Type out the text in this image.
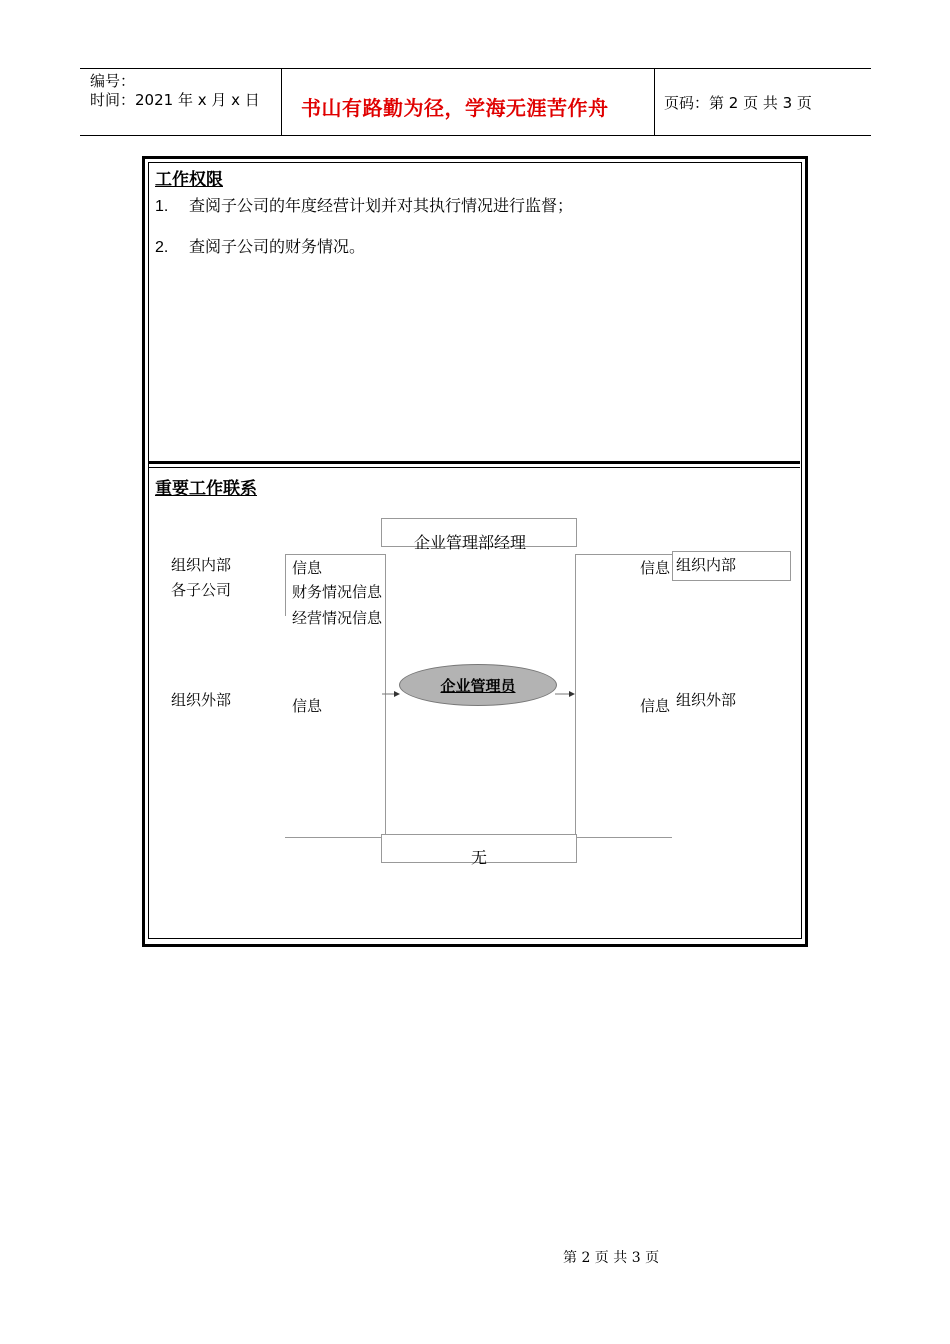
编号：
时间：2021 年 x 月 x 日 书山有路勤为径，学海无涯苦作舟	页码：第 2 页 共 3 页
工作权限
1. 查阅子公司的年度经营计划并对其执行情况进行监督；
2. 查阅子公司的财务情况。
重要工作联系
企业管理部经理
无
企业管理员
组织内部
各子公司
组织外部
信息
财务情况信息
经营情况信息
信息
信息 组织内部
信息 组织外部
第 2 页 共 3 页
